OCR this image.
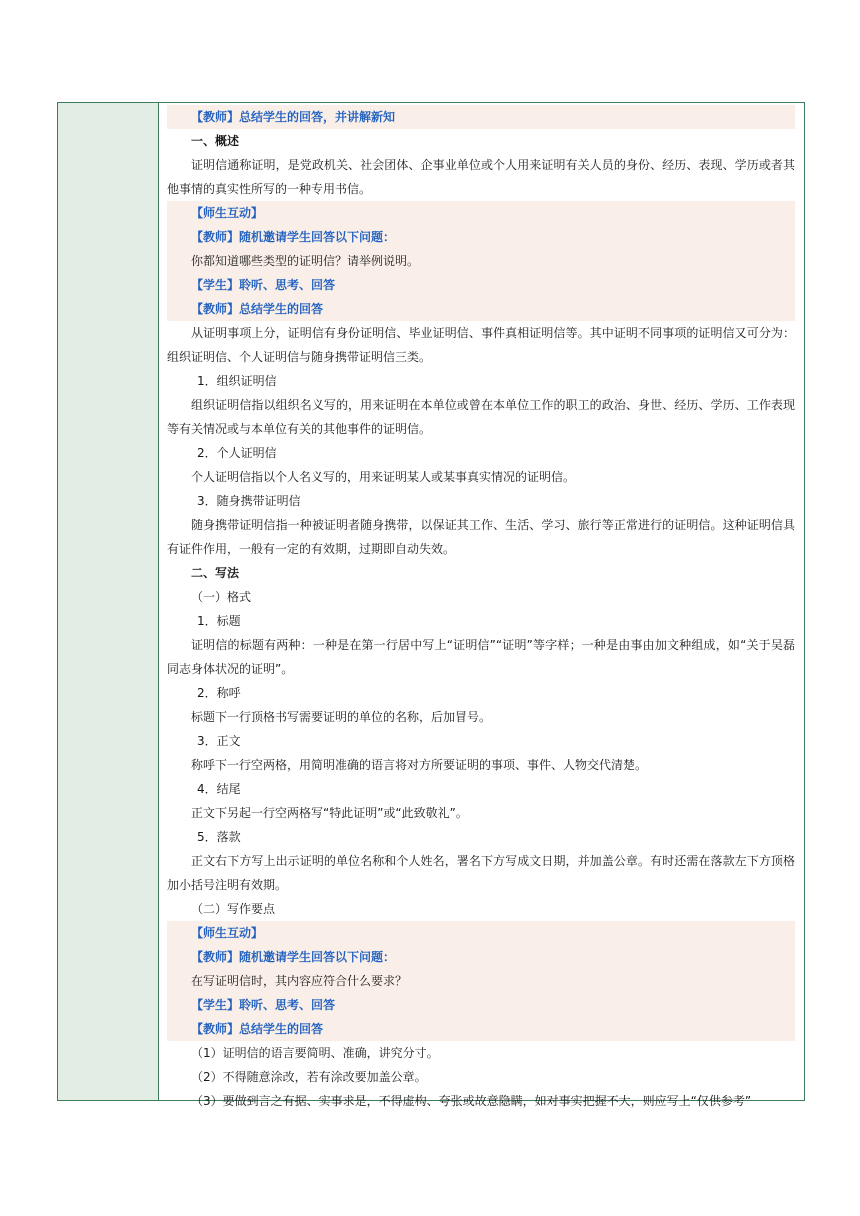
【教师】总结学生的回答，并讲解新知
一、概述
证明信通称证明，是党政机关、社会团体、企事业单位或个人用来证明有关人员的身份、经历、表现、学历或者其他事情的真实性所写的一种专用书信。
【师生互动】
【教师】随机邀请学生回答以下问题：
你都知道哪些类型的证明信？请举例说明。
【学生】聆听、思考、回答
【教师】总结学生的回答
从证明事项上分，证明信有身份证明信、毕业证明信、事件真相证明信等。其中证明不同事项的证明信又可分为：组织证明信、个人证明信与随身携带证明信三类。
1．组织证明信
组织证明信指以组织名义写的，用来证明在本单位或曾在本单位工作的职工的政治、身世、经历、学历、工作表现等有关情况或与本单位有关的其他事件的证明信。
2．个人证明信
个人证明信指以个人名义写的，用来证明某人或某事真实情况的证明信。
3．随身携带证明信
随身携带证明信指一种被证明者随身携带，以保证其工作、生活、学习、旅行等正常进行的证明信。这种证明信具有证件作用，一般有一定的有效期，过期即自动失效。
二、写法
（一）格式
1．标题
证明信的标题有两种：一种是在第一行居中写上“证明信”“证明”等字样；一种是由事由加文种组成，如“关于吴磊同志身体状况的证明”。
2．称呼
标题下一行顶格书写需要证明的单位的名称，后加冒号。
3．正文
称呼下一行空两格，用简明准确的语言将对方所要证明的事项、事件、人物交代清楚。
4．结尾
正文下另起一行空两格写“特此证明”或“此致敬礼”。
5．落款
正文右下方写上出示证明的单位名称和个人姓名，署名下方写成文日期，并加盖公章。有时还需在落款左下方顶格加小括号注明有效期。
（二）写作要点
【师生互动】
【教师】随机邀请学生回答以下问题：
在写证明信时，其内容应符合什么要求？
【学生】聆听、思考、回答
【教师】总结学生的回答
（1）证明信的语言要简明、准确，讲究分寸。
（2）不得随意涂改，若有涂改要加盖公章。
（3）要做到言之有据、实事求是，不得虚构、夸张或故意隐瞒，如对事实把握不大，则应写上“仅供参考”
